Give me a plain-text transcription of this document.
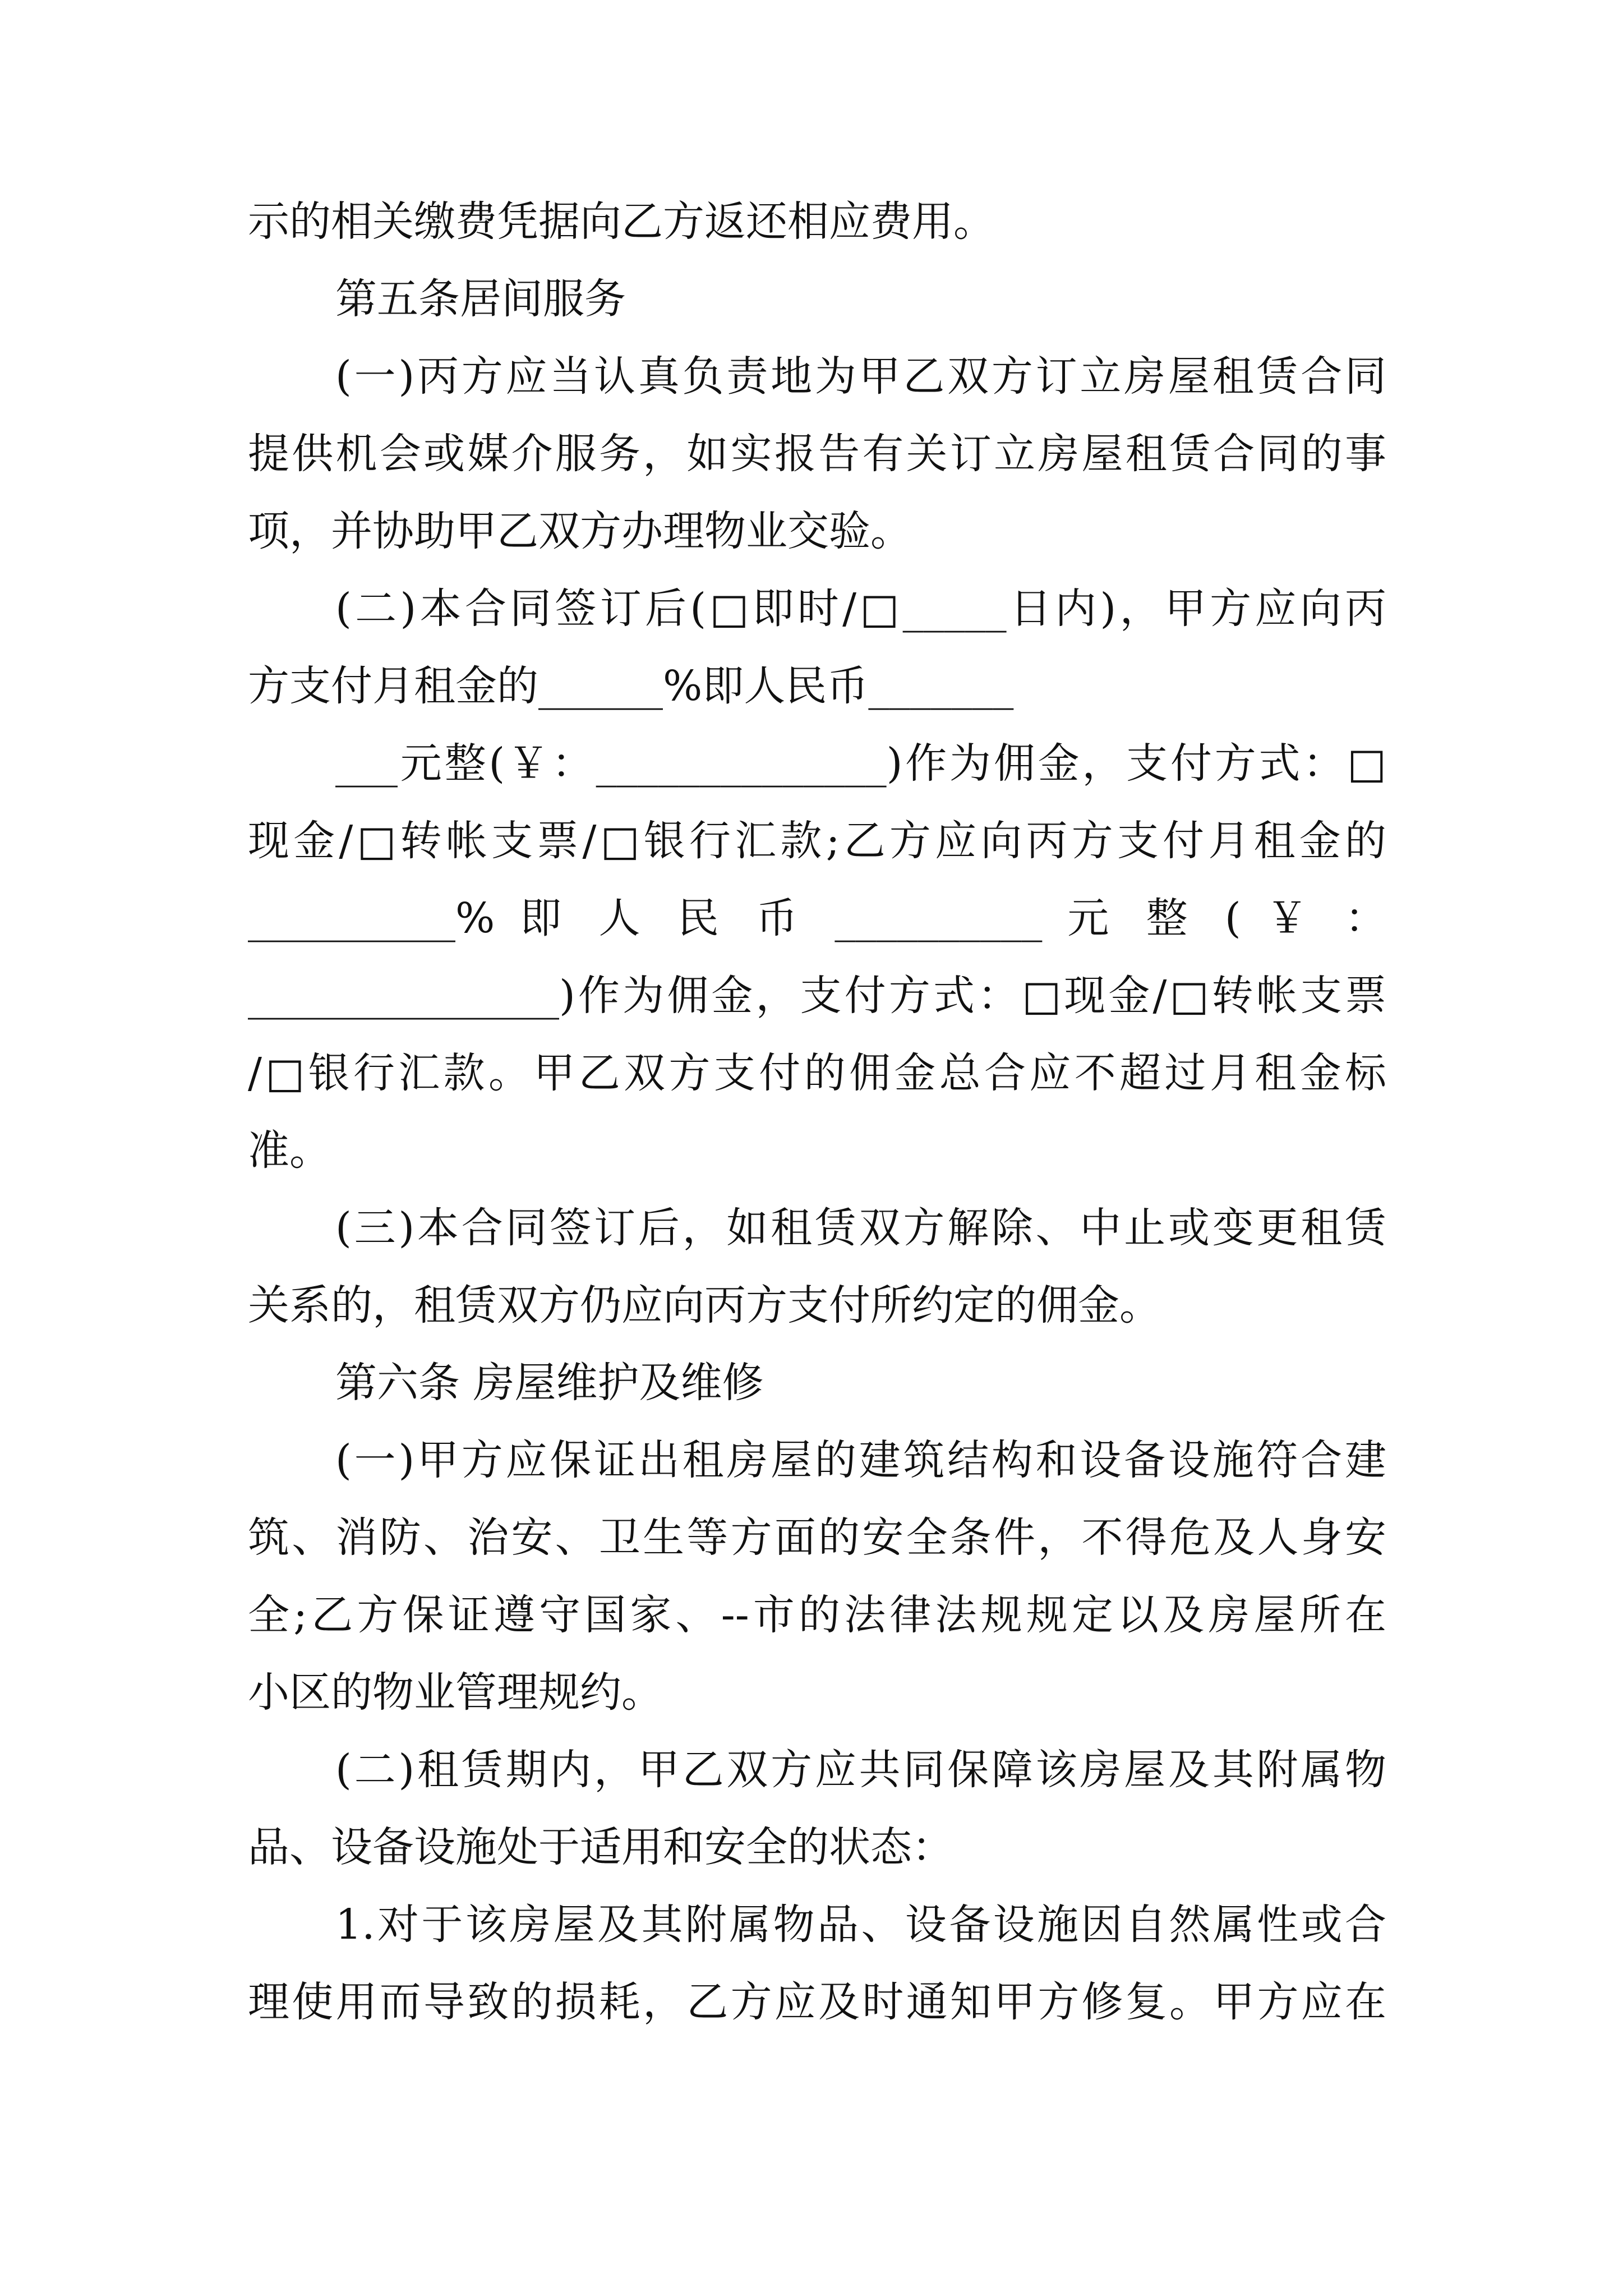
示的相关缴费凭据向乙方返还相应费用。

第五条居间服务

(一)丙方应当认真负责地为甲乙双方订立房屋租赁合同

提供机会或媒介服务，如实报告有关订立房屋租赁合同的事

项，并协助甲乙双方办理物业交验。

(二)本合同签订后(□即时/□_____日内)，甲方应向丙

方支付月租金的______%即人民币_______

___元整(￥：______________)作为佣金，支付方式：□

现金/□转帐支票/□银行汇款;乙方应向丙方支付月租金的

__________% 即 人 民 币 __________ 元 整 ( ￥ ：

_______________)作为佣金，支付方式：□现金/□转帐支票

/□银行汇款。甲乙双方支付的佣金总合应不超过月租金标

准。

(三)本合同签订后，如租赁双方解除、中止或变更租赁

关系的，租赁双方仍应向丙方支付所约定的佣金。

第六条 房屋维护及维修

(一)甲方应保证出租房屋的建筑结构和设备设施符合建

筑、消防、治安、卫生等方面的安全条件，不得危及人身安

全;乙方保证遵守国家、--市的法律法规规定以及房屋所在

小区的物业管理规约。

(二)租赁期内，甲乙双方应共同保障该房屋及其附属物

品、设备设施处于适用和安全的状态：

1.对于该房屋及其附属物品、设备设施因自然属性或合

理使用而导致的损耗，乙方应及时通知甲方修复。甲方应在
